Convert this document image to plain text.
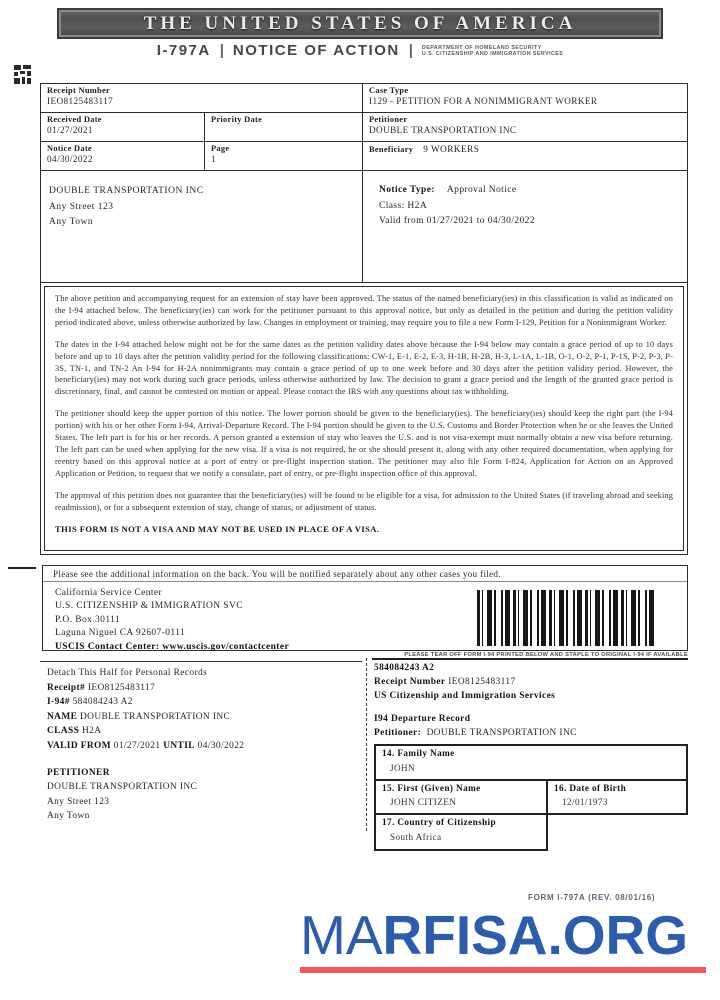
THE UNITED STATES OF AMERICA
I-797A | NOTICE OF ACTION | DEPARTMENT OF HOMELAND SECURITY
U.S. CITIZENSHIP AND IMMIGRATION SERVICES
Receipt Number
IEO8125483117
Case Type
I129 - PETITION FOR A NONIMMIGRANT WORKER
Received Date
01/27/2021
Priority Date	Petitioner
DOUBLE TRANSPORTATION INC
Notice Date
04/30/2022
Page
1
Beneficiary 9 WORKERS
DOUBLE TRANSPORTATION INC
Any Street 123
Any Town
Notice Type: Approval Notice
Class: H2A
Valid from 01/27/2021 to 04/30/2022

The above petition and accompanying request for an extension of stay have been approved. The status of the named beneficiary(ies) in this classification is valid as indicated on the I-94 attached below. The beneficiary(ies) can work for the petitioner pursuant to this approval notice, but only as detailed in the petition and during the petition validity period indicated above, unless otherwise authorized by law. Changes in employment or training, may require you to file a new Form I-129, Petition for a Nonimmigrant Worker.

The dates in the I-94 attached below might not be for the same dates as the petition validity dates above because the I-94 below may contain a grace period of up to 10 days before and up to 10 days after the petition validity period for the following classifications: CW-1, E-1, E-2, E-3, H-1B, H-2B, H-3, L-1A, L-1B, O-1, O-2, P-1, P-1S, P-2, P-3, P-3S, TN-1, and TN-2 An I-94 for H-2A nonimmigrants may contain a grace period of up to one week before and 30 days after the petition validity period. However, the beneficiary(ies) may not work during such grace periods, unless otherwise authorized by law. The decision to grant a grace period and the length of the granted grace period is discretionary, final, and cannot be contested on motion or appeal. Please contact the IRS with any questions about tax withholding.

The petitioner should keep the upper portion of this notice. The lower portion should be given to the beneficiary(ies). The beneficiary(ies) should keep the right part (the I-94 portion) with his or her other Form I-94, Arrival-Departure Record. The I-94 portion should be given to the U.S. Customs and Border Protection when he or she leaves the United States. The left part is for his or her records. A person granted a extension of stay who leaves the U.S. and is not visa-exempt must normally obtain a new visa before returning. The left part can be used when applying for the new visa. If a visa is not required, he or she should present it, along with any other required documentation, when applying for reentry based on this approval notice at a port of entry or pre-flight inspection station. The petitioner may also file Form I-824, Application for Action on an Approved Application or Petition, to request that we notify a consulate, part of entry, or pre-flight inspection office of this approval.

The approval of this petition does not guarantee that the beneficiary(ies) will be found to be eligible for a visa, for admission to the United States (if traveling abroad and seeking readmission), or for a subsequent extension of stay, change of status, or adjustment of status.

THIS FORM IS NOT A VISA AND MAY NOT BE USED IN PLACE OF A VISA.

Please see the additional information on the back. You will be notified separately about any other cases you filed.
California Service Center
U.S. CITIZENSHIP & IMMIGRATION SVC
P.O. Box 30111
Laguna Niguel CA 92607-0111
USCIS Contact Center: www.uscis.gov/contactcenter
PLEASE TEAR OFF FORM I-94 PRINTED BELOW AND STAPLE TO ORIGINAL I-94 IF AVAILABLE
Detach This Half for Personal Records
Receipt# IEO8125483117
I-94# 584084243 A2
NAME DOUBLE TRANSPORTATION INC
CLASS H2A
VALID FROM 01/27/2021 UNTIL 04/30/2022
PETITIONER
DOUBLE TRANSPORTATION INC
Any Street 123
Any Town
584084243 A2
Receipt Number IEO8125483117
US Citizenship and Immigration Services
I94 Departure Record
Petitioner: DOUBLE TRANSPORTATION INC
14. Family Name
JOHN
15. First (Given) Name
JOHN CITIZEN
16. Date of Birth
12/01/1973
17. Country of Citizenship
South Africa
FORM I-797A (REV. 08/01/16)
MARFISA.ORG
